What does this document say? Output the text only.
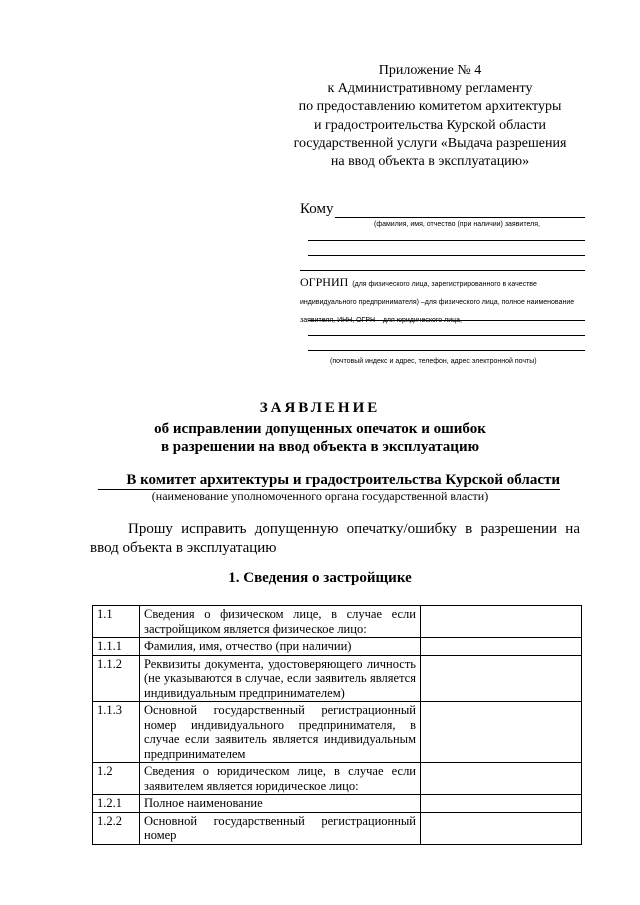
Приложение № 4
к Административному регламенту
по предоставлению комитетом архитектуры
и градостроительства Курской области
государственной услуги «Выдача разрешения
на ввод объекта в эксплуатацию»
Кому
(фамилия, имя, отчество (при наличии) заявителя,
ОГРНИП (для физического лица, зарегистрированного в качестве индивидуального предпринимателя) –для физического лица, полное наименование заявителя, ИНН, ОГРН – для юридического лица,
(почтовый индекс и адрес, телефон, адрес электронной почты)
ЗАЯВЛЕНИЕ
об исправлении допущенных опечаток и ошибок
в разрешении на ввод объекта в эксплуатацию
В комитет архитектуры и градостроительства Курской области
(наименование уполномоченного органа государственной власти)
Прошу исправить допущенную опечатку/ошибку в разрешении на ввод объекта в эксплуатацию
1. Сведения о застройщике
1.1	Сведения о физическом лице, в случае если застройщиком является физическое лицо:	
1.1.1	Фамилия, имя, отчество (при наличии)	
1.1.2	Реквизиты документа, удостоверяющего личность (не указываются в случае, если заявитель является индивидуальным предпринимателем)	
1.1.3	Основной государственный регистрационный номер индивидуального предпринимателя, в случае если заявитель является индивидуальным предпринимателем	
1.2	Сведения о юридическом лице, в случае если заявителем является юридическое лицо:	
1.2.1	Полное наименование	
1.2.2	Основной государственный регистрационный номер	
